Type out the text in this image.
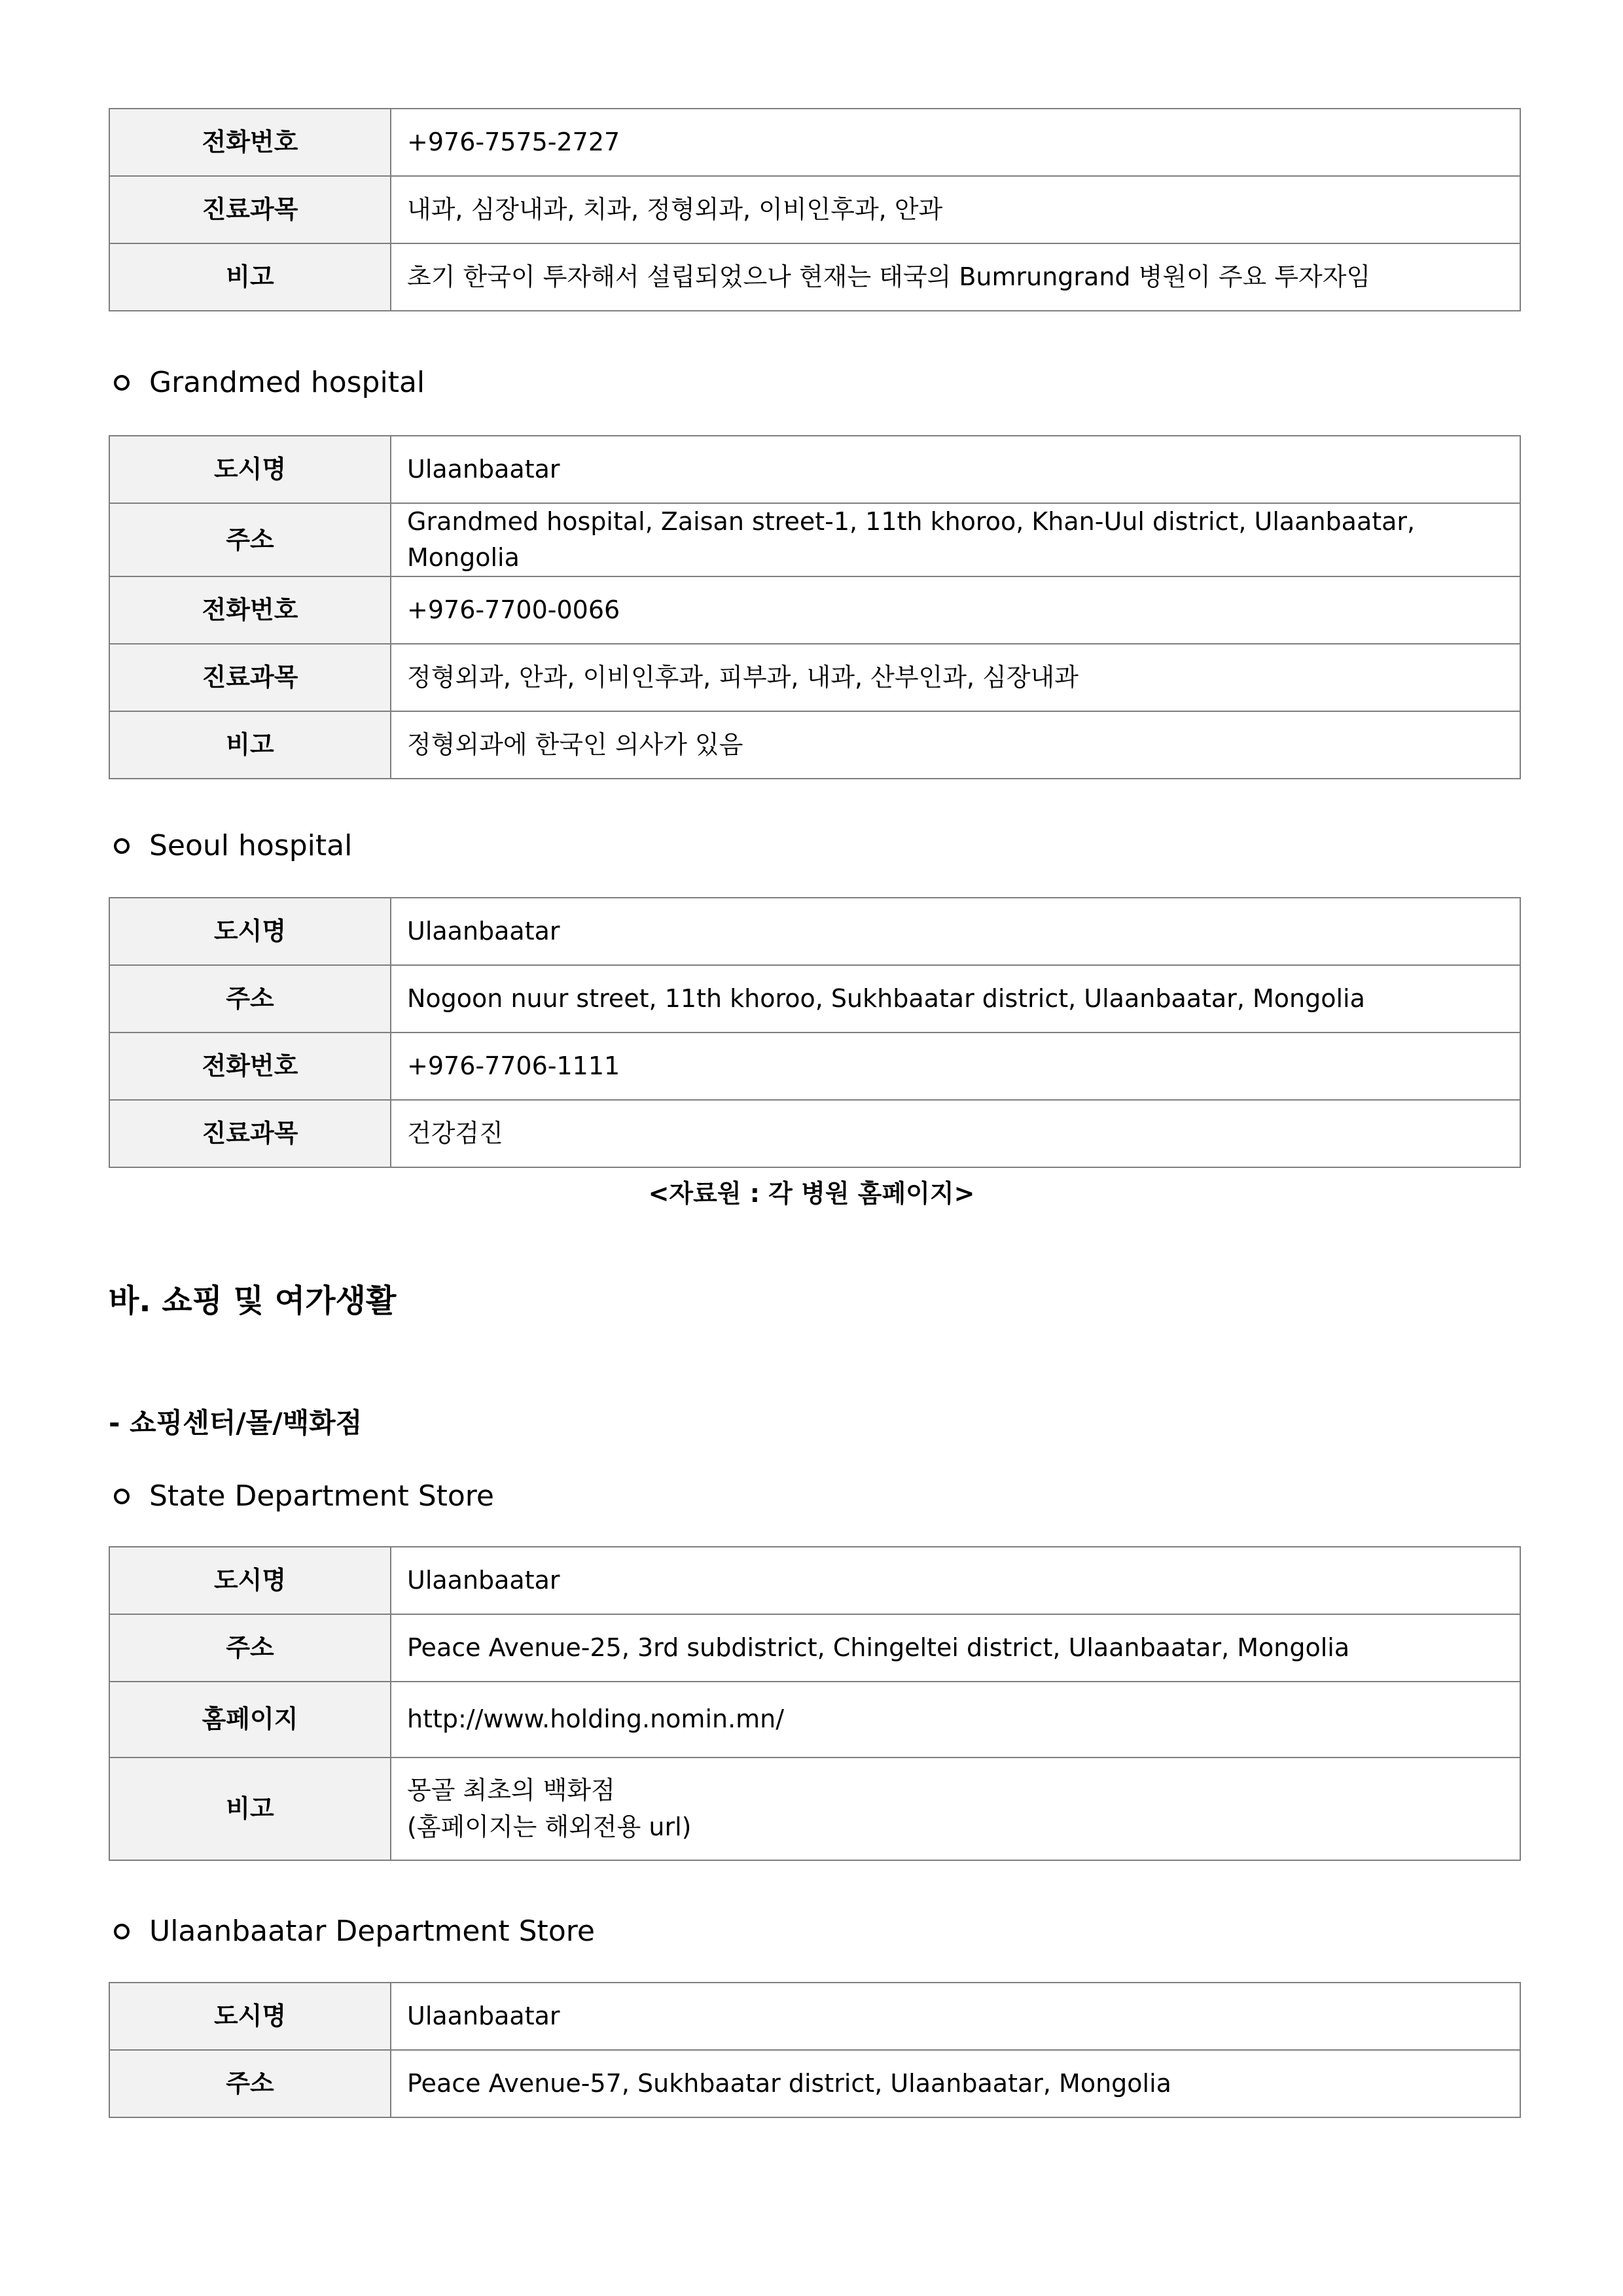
전화번호	+976-7575-2727
진료과목	내과, 심장내과, 치과, 정형외과, 이비인후과, 안과
비고	초기 한국이 투자해서 설립되었으나 현재는 태국의 Bumrungrand 병원이 주요 투자자임
Grandmed hospital
도시명	Ulaanbaatar
주소	Grandmed hospital, Zaisan street-1, 11th khoroo, Khan-Uul district, Ulaanbaatar, Mongolia
전화번호	+976-7700-0066
진료과목	정형외과, 안과, 이비인후과, 피부과, 내과, 산부인과, 심장내과
비고	정형외과에 한국인 의사가 있음
Seoul hospital
도시명	Ulaanbaatar
주소	Nogoon nuur street, 11th khoroo, Sukhbaatar district, Ulaanbaatar, Mongolia
전화번호	+976-7706-1111
진료과목	건강검진
<자료원 : 각 병원 홈페이지>
바. 쇼핑 및 여가생활
- 쇼핑센터/몰/백화점
State Department Store
도시명	Ulaanbaatar
주소	Peace Avenue-25, 3rd subdistrict, Chingeltei district, Ulaanbaatar, Mongolia
홈페이지	http://www.holding.nomin.mn/
비고	몽골 최초의 백화점
(홈페이지는 해외전용 url)
Ulaanbaatar Department Store
도시명	Ulaanbaatar
주소	Peace Avenue-57, Sukhbaatar district, Ulaanbaatar, Mongolia
